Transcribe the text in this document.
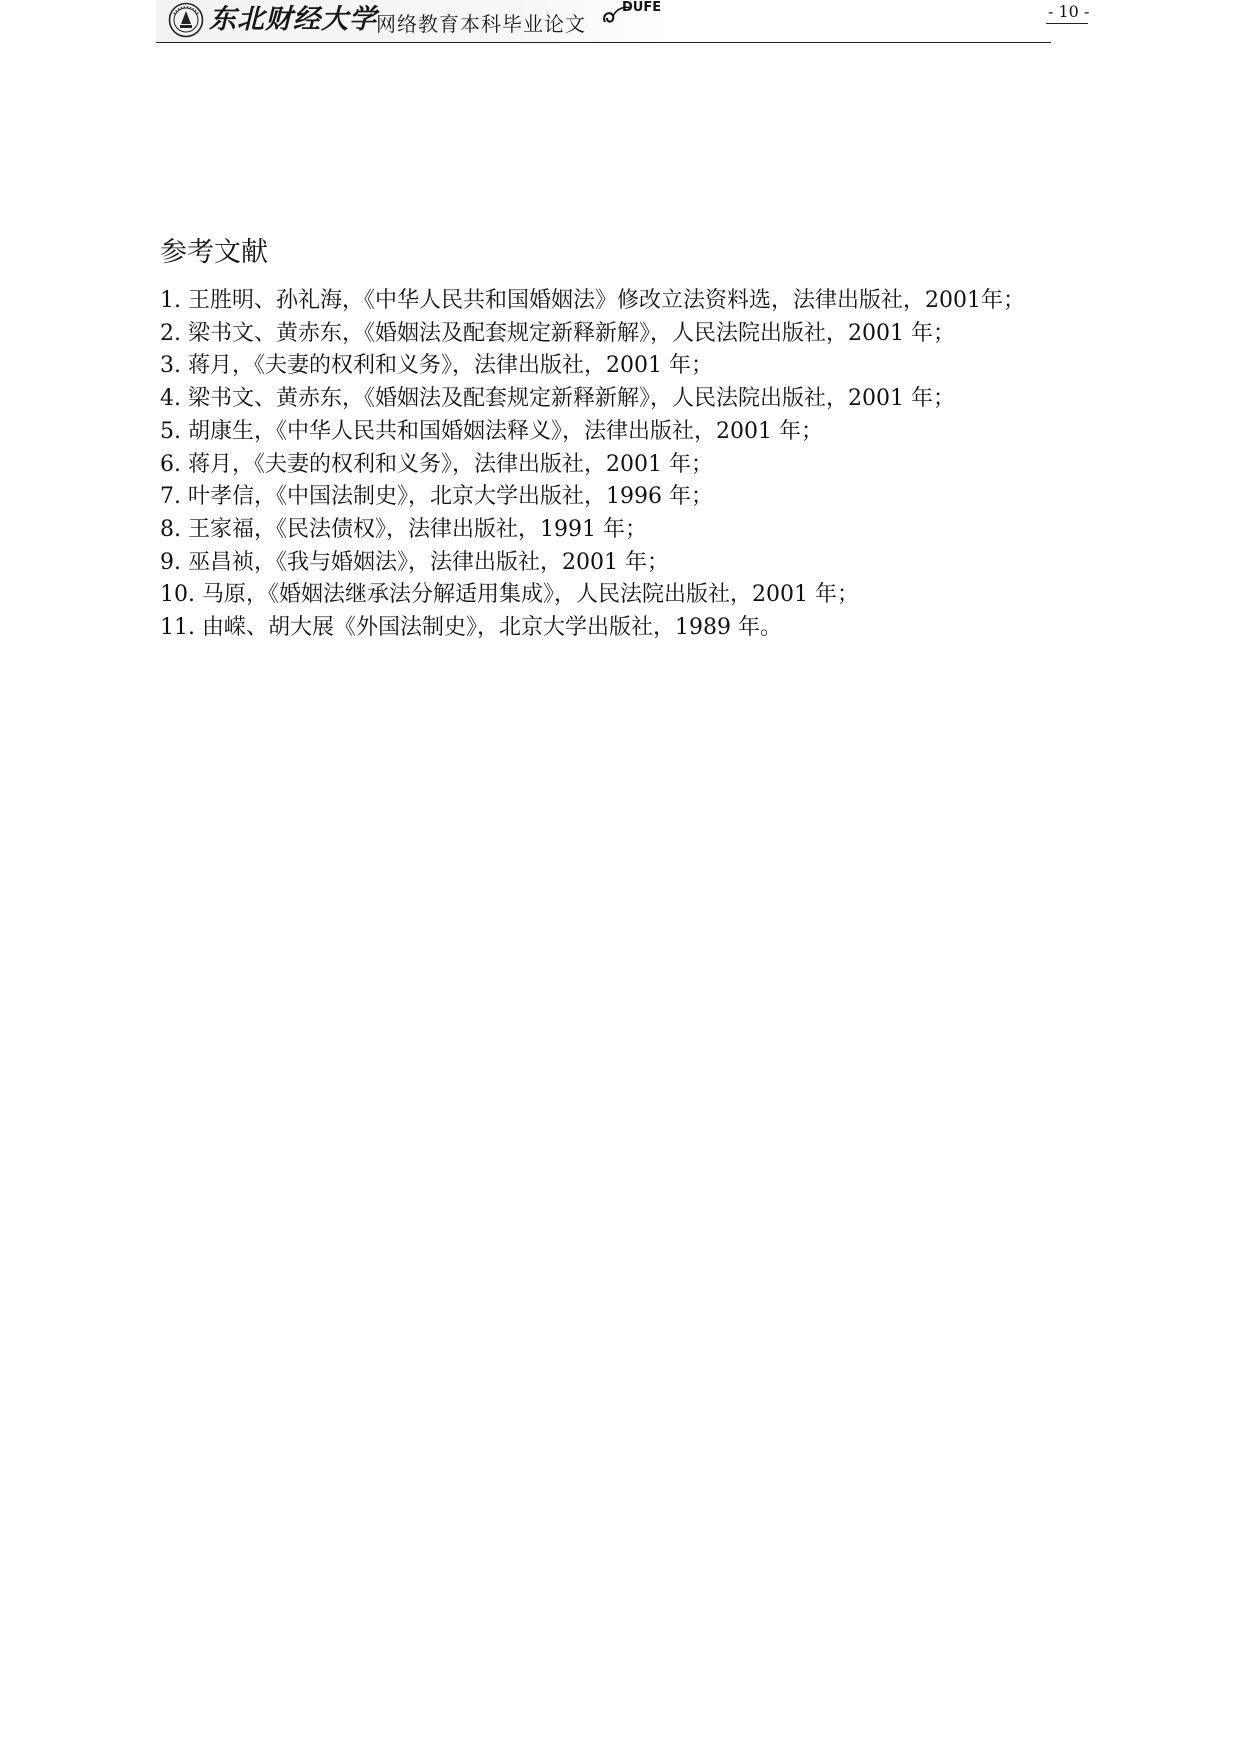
东北财经大学 网络教育本科毕业论文
DUFE	- 10 -
参考文献
1. 王胜明、孙礼海，《中华人民共和国婚姻法》修改立法资料选，法律出版社，2001年；
2. 梁书文、黄赤东，《婚姻法及配套规定新释新解》，人民法院出版社，2001 年；
3. 蒋月，《夫妻的权利和义务》，法律出版社，2001 年；
4. 梁书文、黄赤东，《婚姻法及配套规定新释新解》，人民法院出版社，2001 年；
5. 胡康生，《中华人民共和国婚姻法释义》，法律出版社，2001 年；
6. 蒋月，《夫妻的权利和义务》，法律出版社，2001 年；
7. 叶孝信，《中国法制史》，北京大学出版社，1996 年；
8. 王家福，《民法债权》，法律出版社，1991 年；
9. 巫昌祯，《我与婚姻法》，法律出版社，2001 年；
10. 马原，《婚姻法继承法分解适用集成》，人民法院出版社，2001 年；
11. 由嵘、胡大展《外国法制史》，北京大学出版社，1989 年。
